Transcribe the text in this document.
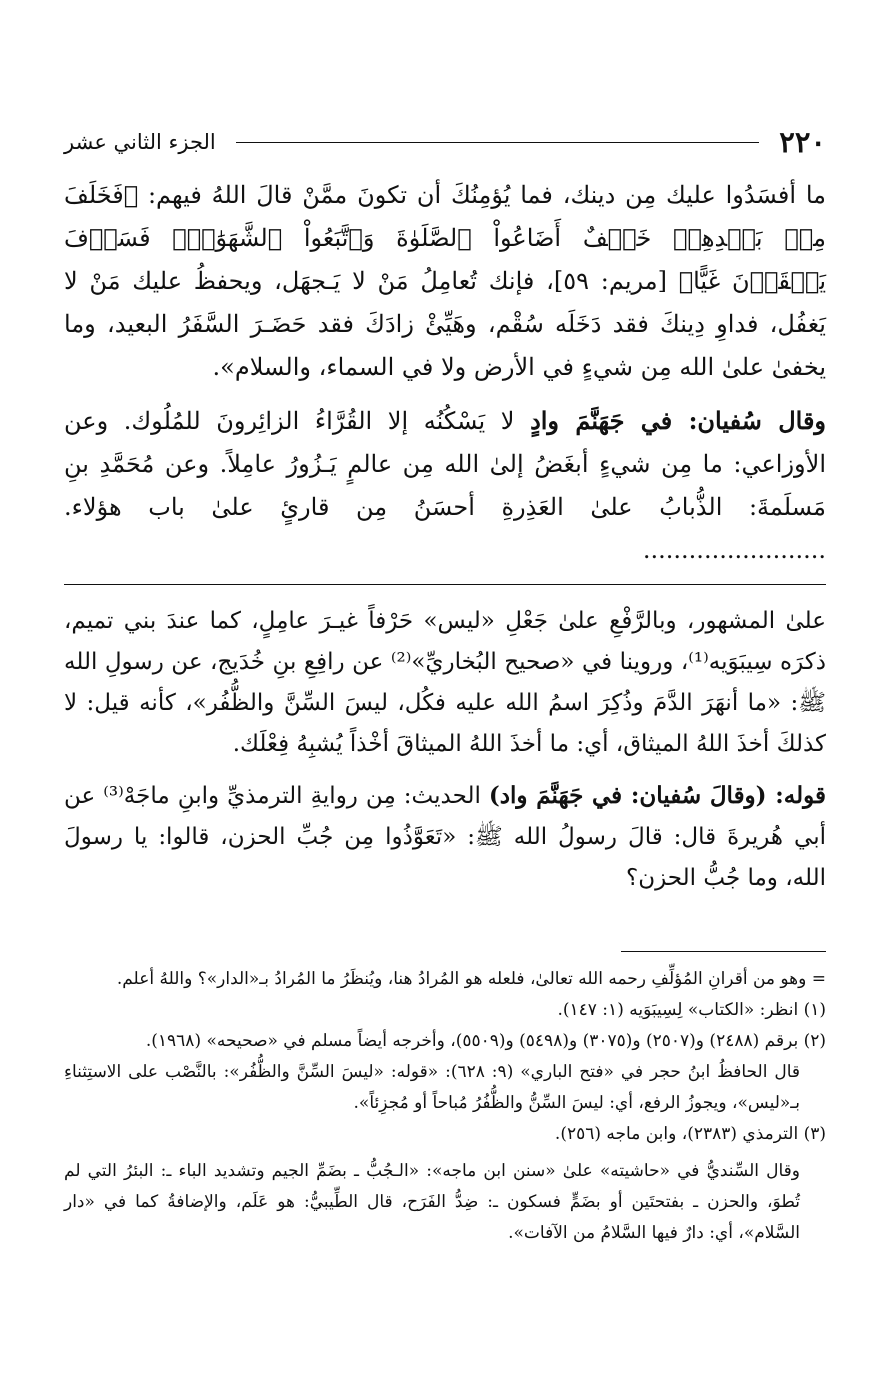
٢٢٠
الجزء الثاني عشر

ما أفسَدُوا عليك مِن دينك، فما يُؤمِنُكَ أن تكونَ ممَّنْ قالَ اللهُ فيهم: ﴿فَخَلَفَ مِنۢ بَعۡدِهِمۡ خَلۡفٌ أَضَاعُواْ ٱلصَّلَوٰةَ وَٱتَّبَعُواْ ٱلشَّهَوَٰتِۖ فَسَوۡفَ يَلۡقَوۡنَ غَيًّا﴾ [مريم: ٥٩]، فإنك تُعامِلُ مَنْ لا يَـجهَل، ويحفظُ عليك مَنْ لا يَغفُل، فداوِ دِينكَ فقد دَخَلَه سُقْم، وهَيِّئْ زادَكَ فقد حَضَـرَ السَّفَرُ البعيد، وما يخفىٰ علىٰ الله مِن شيءٍ في الأرض ولا في السماء، والسلام».

وقال سُفيان: في جَهَنَّمَ وادٍ لا يَسْكُنُه إلا القُرَّاءُ الزائِرونَ للمُلُوك. وعن الأوزاعي: ما مِن شيءٍ أبغَضُ إلىٰ الله مِن عالمٍ يَـزُورُ عامِلاً. وعن مُحَمَّدِ بنِ مَسلَمةَ: الذُّبابُ علىٰ العَذِرةِ أحسَنُ مِن قارئٍ علىٰ باب هؤلاء. ........................

علىٰ المشهور، وبالرَّفْعِ علىٰ جَعْلِ «ليس» حَرْفاً غيـرَ عامِلٍ، كما عندَ بني تميم، ذكرَه سِيبَوَيه⁽¹⁾، وروينا في «صحيح البُخاريِّ»⁽²⁾ عن رافِعِ بنِ خُدَيج، عن رسولِ الله ﷺ: «ما أنهَرَ الدَّمَ وذُكِرَ اسمُ الله عليه فكُل، ليسَ السِّنَّ والظُّفُر»، كأنه قيل: لا كذلكَ أخذَ اللهُ الميثاق، أي: ما أخذَ اللهُ الميثاقَ أخْذاً يُشبِهُ فِعْلَك.

قوله: (وقالَ سُفيان: في جَهَنَّمَ واد) الحديث: مِن روايةِ الترمذيِّ وابنِ ماجَهْ⁽³⁾ عن أبي هُريرةَ قال: قالَ رسولُ الله ﷺ: «تَعَوَّذُوا مِن جُبِّ الحزن، قالوا: يا رسولَ الله، وما جُبُّ الحزن؟

= وهو من أقرانِ المُؤلِّفِ رحمه الله تعالىٰ، فلعله هو المُرادُ هنا، ويُنظَرُ ما المُرادُ بـ«الدار»؟ واللهُ أعلم.

(١) انظر: «الكتاب» لِسِيبَوَيه (١: ١٤٧).

(٢) برقم (٢٤٨٨) و(٢٥٠٧) و(٣٠٧٥) و(٥٤٩٨) و(٥٥٠٩)، وأخرجه أيضاً مسلم في «صحيحه» (١٩٦٨).

قال الحافظُ ابنُ حجر في «فتح الباري» (٩: ٦٢٨): «قوله: «ليسَ السِّنَّ والظُّفُر»: بالنَّصْب على الاستِثناءِ بـ«ليس»، ويجوزُ الرفع، أي: ليسَ السِّنُّ والظُّفُرُ مُباحاً أو مُجزِئاً».

(٣) الترمذي (٢٣٨٣)، وابن ماجه (٢٥٦).

وقال السِّنديُّ في «حاشيته» علىٰ «سنن ابن ماجه»: «الـجُبُّ ـ بضَمِّ الجيم وتشديد الباء ـ: البئرُ التي لم تُطوَ، والحزن ـ بفتحتَين أو بضَمٍّ فسكون ـ: ضِدُّ الفَرَح، قال الطِّيبيُّ: هو عَلَم، والإضافةُ كما في «دار السَّلام»، أي: دارٌ فيها السَّلامُ من الآفات».
